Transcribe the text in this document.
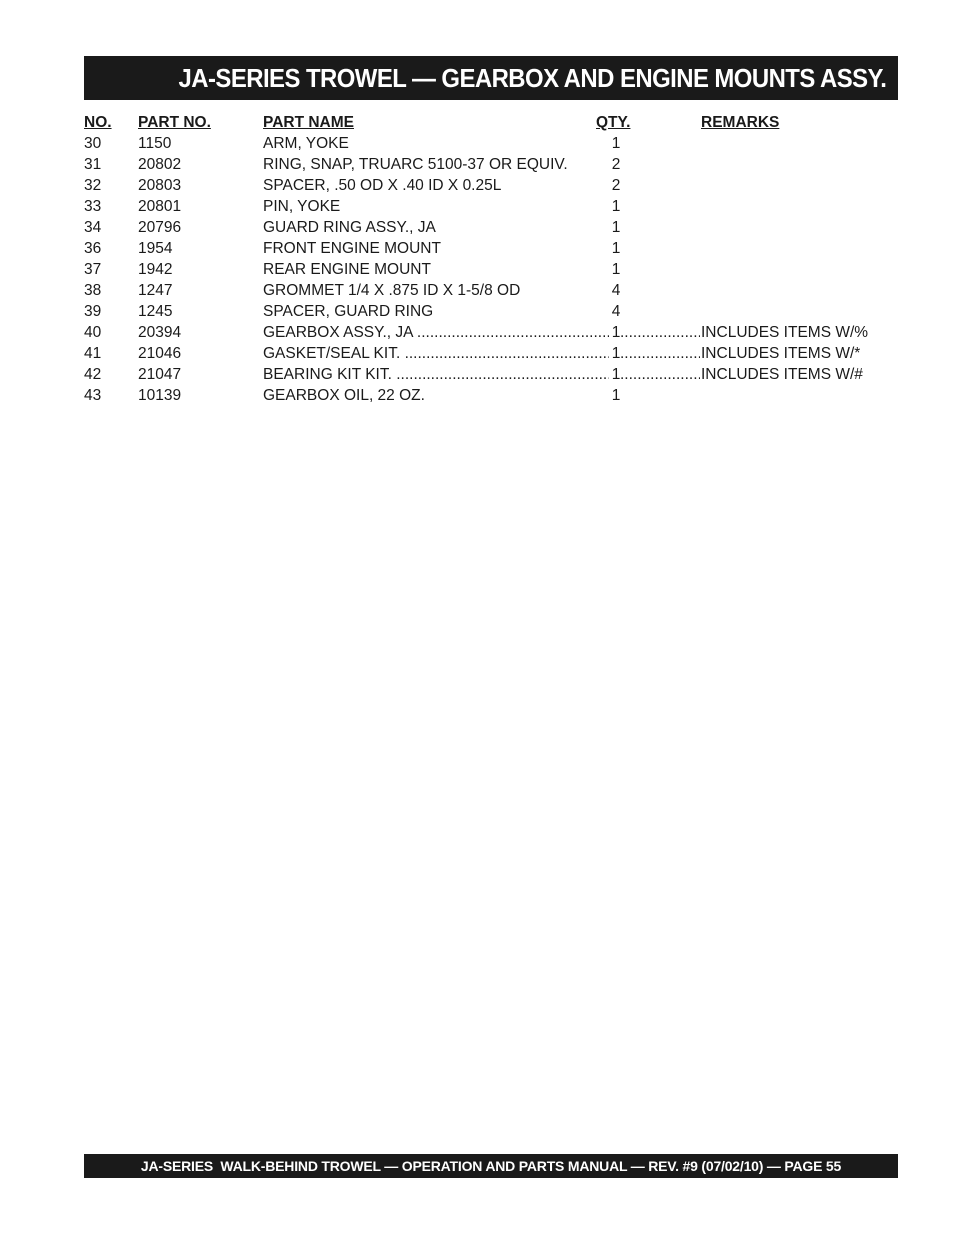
JA-SERIES TROWEL — GEARBOX AND ENGINE MOUNTS ASSY.
NO. PART NO.	PART NAME	QTY.	REMARKS
30 1150	ARM, YOKE	1
31 20802	RING, SNAP, TRUARC 5100-37 OR EQUIV.	2
32 20803	SPACER, .50 OD X .40 ID X 0.25L	2
33 20801	PIN, YOKE	1
34 20796	GUARD RING ASSY., JA	1
36 1954	FRONT ENGINE MOUNT	1
37 1942	REAR ENGINE MOUNT	1
38 1247	GROMMET 1/4 X .875 ID X 1-5/8 OD	4
39 1245	SPACER, GUARD RING	4
40 20394	GEARBOX ASSY., JA .....	1 .....	INCLUDES ITEMS W/%
41 21046	GASKET/SEAL KIT. .....	1 .....	INCLUDES ITEMS W/*
42 21047	BEARING KIT KIT. .....	1 .....	INCLUDES ITEMS W/#
43 10139	GEARBOX OIL, 22 OZ.	1
JA-SERIES  WALK-BEHIND TROWEL — OPERATION AND PARTS MANUAL — REV. #9 (07/02/10) — PAGE 55
